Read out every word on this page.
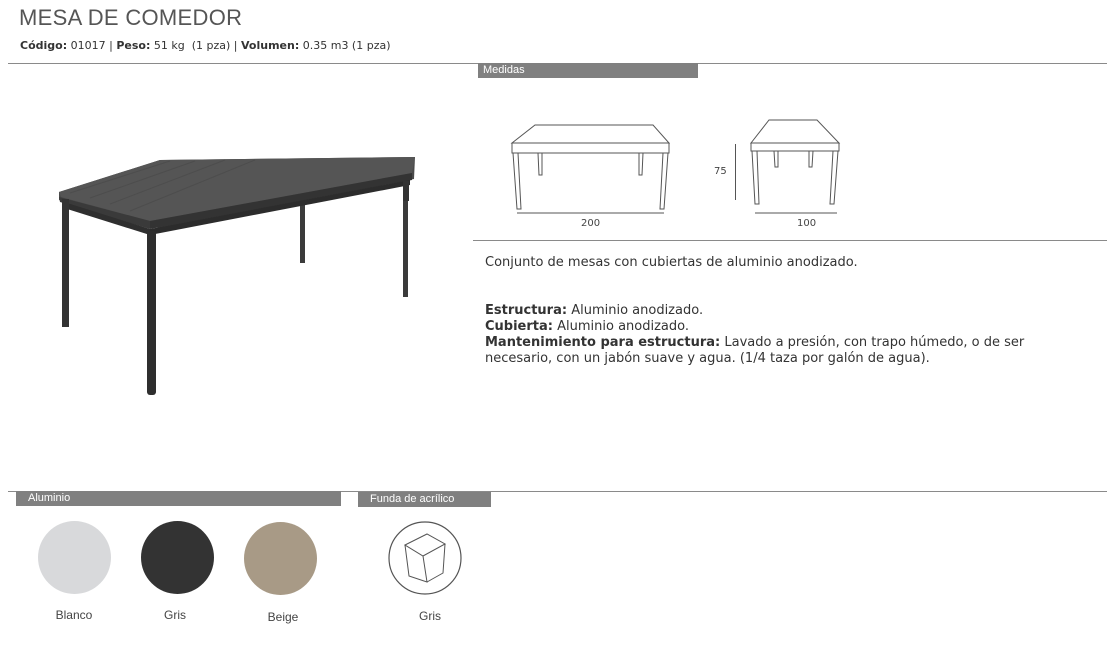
MESA DE COMEDOR
Código: 01017 | Peso: 51 kg  (1 pza) | Volumen: 0.35 m3 (1 pza)
Medidas
200
75
100
Conjunto de mesas con cubiertas de aluminio anodizado.
Estructura: Aluminio anodizado.
Cubierta: Aluminio anodizado.
Mantenimiento para estructura: Lavado a presión, con trapo húmedo, o de ser necesario, con un jabón suave y agua. (1/4 taza por galón de agua).
Aluminio	Funda de acrílico
Blanco	Gris	Beige	Gris
